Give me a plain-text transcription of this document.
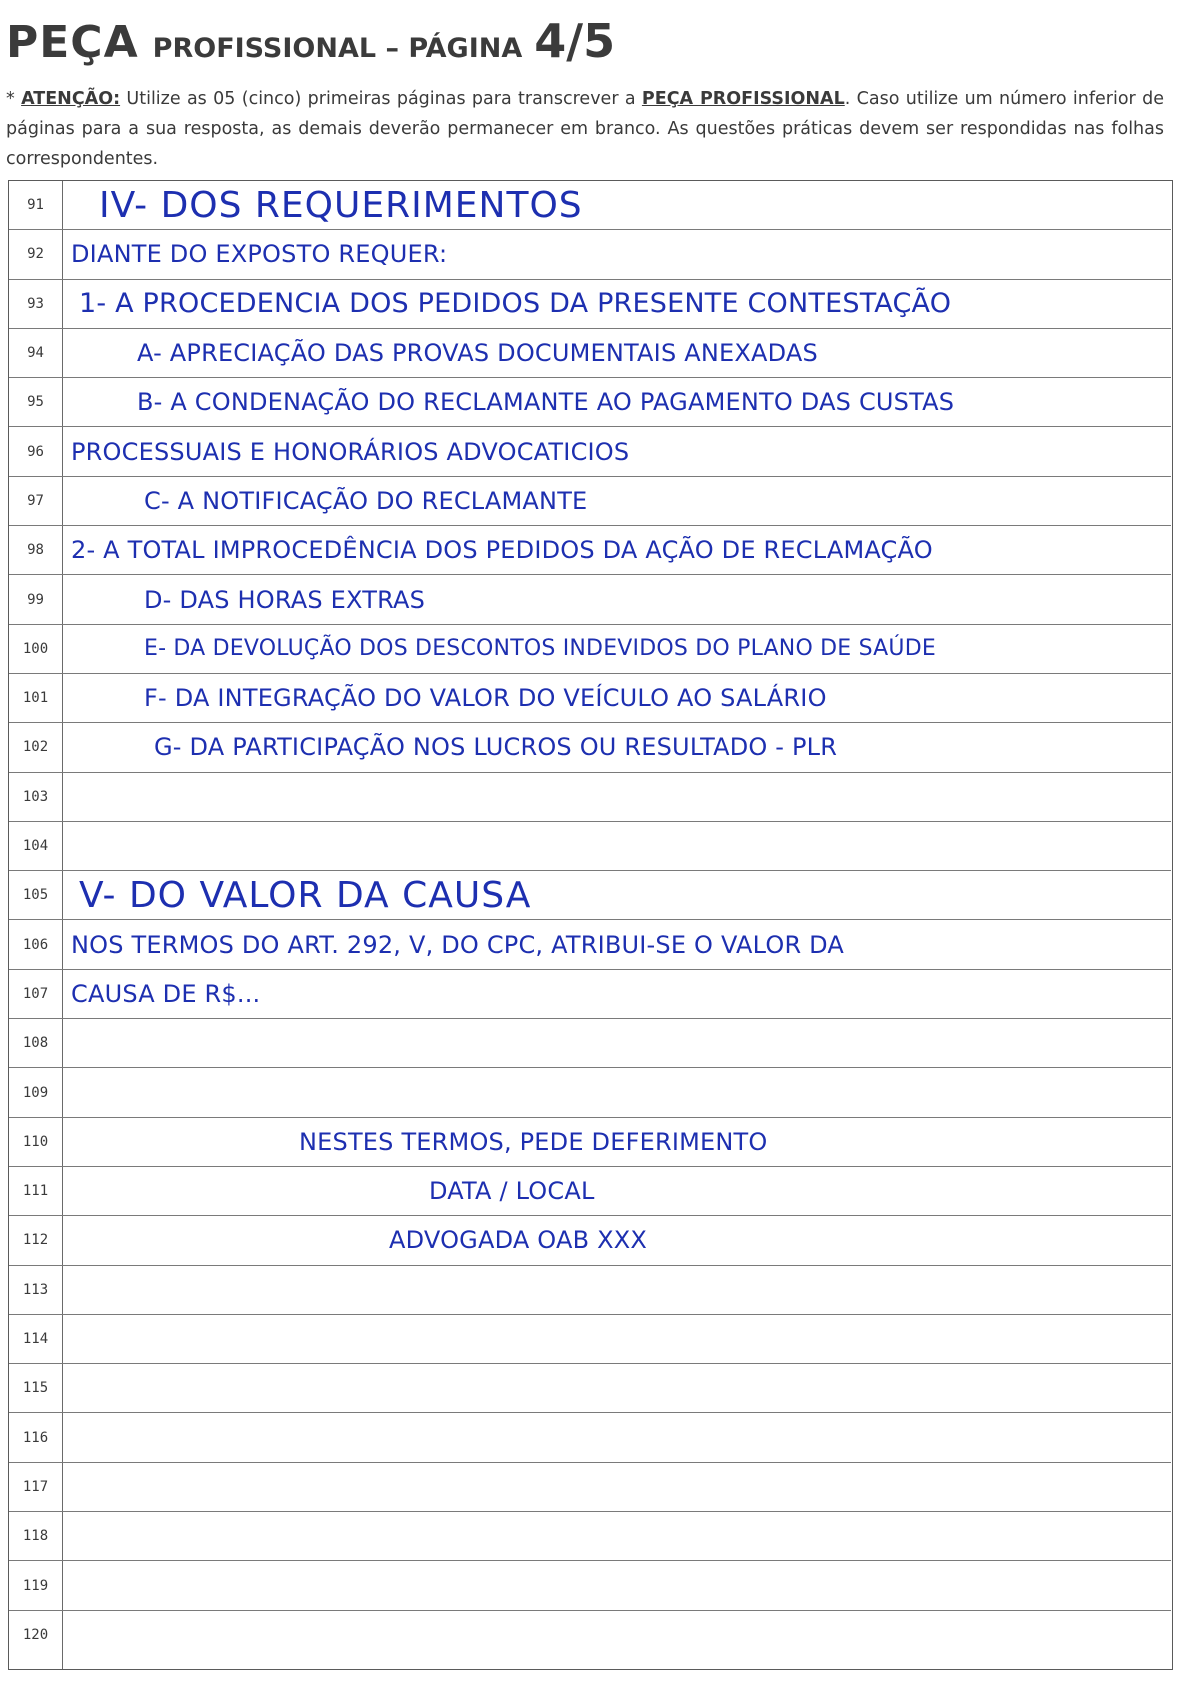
PEÇA PROFISSIONAL – PÁGINA 4/5
* ATENÇÃO: Utilize as 05 (cinco) primeiras páginas para transcrever a PEÇA PROFISSIONAL. Caso utilize um número inferior de páginas para a sua resposta, as demais deverão permanecer em branco. As questões práticas devem ser respondidas nas folhas correspondentes.
91	IV- DOS REQUERIMENTOS
92	DIANTE DO EXPOSTO REQUER:
93	1- A PROCEDENCIA DOS PEDIDOS DA PRESENTE CONTESTAÇÃO
94	A- APRECIAÇÃO DAS PROVAS DOCUMENTAIS ANEXADAS
95	B- A CONDENAÇÃO DO RECLAMANTE AO PAGAMENTO DAS CUSTAS
96	PROCESSUAIS E HONORÁRIOS ADVOCATICIOS
97	C- A NOTIFICAÇÃO DO RECLAMANTE
98	2- A TOTAL IMPROCEDÊNCIA DOS PEDIDOS DA AÇÃO DE RECLAMAÇÃO
99	D- DAS HORAS EXTRAS
100	E- DA DEVOLUÇÃO DOS DESCONTOS INDEVIDOS DO PLANO DE SAÚDE
101	F- DA INTEGRAÇÃO DO VALOR DO VEÍCULO AO SALÁRIO
102	G- DA PARTICIPAÇÃO NOS LUCROS OU RESULTADO - PLR
103
104
105 V- DO VALOR DA CAUSA
106 NOS TERMOS DO ART. 292, V, DO CPC, ATRIBUI-SE O VALOR DA
107 CAUSA DE R$...
108
109
110	NESTES TERMOS, PEDE DEFERIMENTO
111	DATA / LOCAL
112	ADVOGADA OAB XXX
113
114
115
116
117
118
119
120
